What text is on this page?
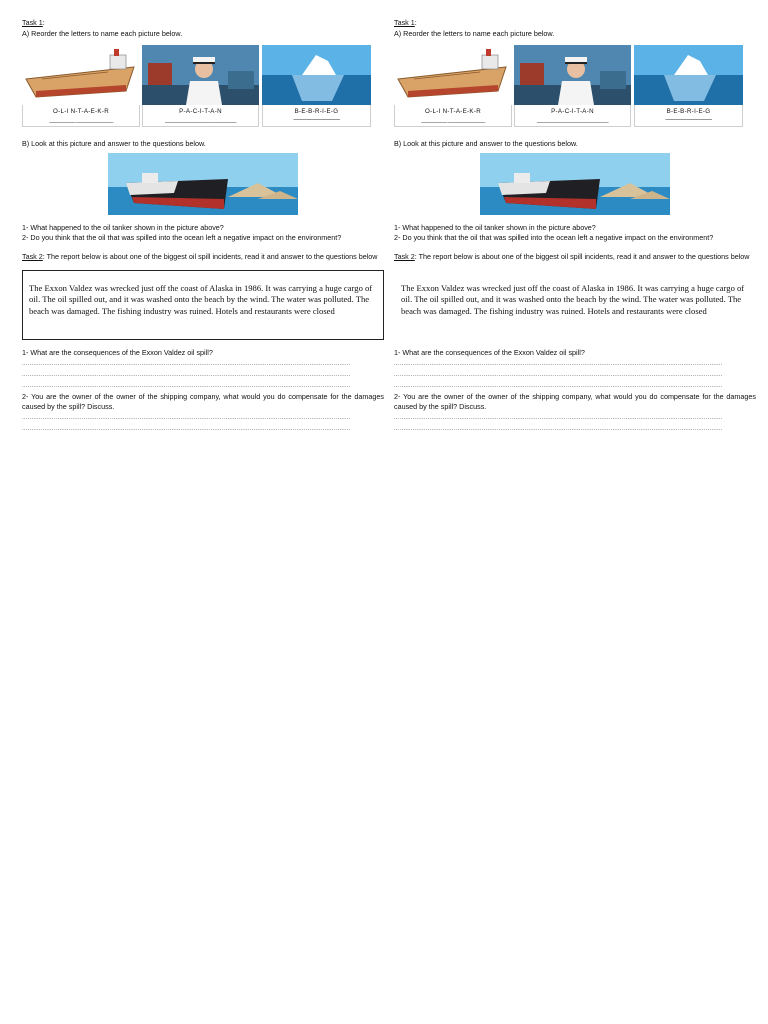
Task 1:

A) Reorder the letters to name each picture below.

O-L-I N-T-A-E-K-R
_________ _____________
P-A-C-I-T-A-N
_________________________
B-E-B-R-I-E-G
-------------------------------

B) Look at this picture and answer to the questions below.

1- What happened to the oil tanker shown in the picture above?

2- Do you think that the oil that was spilled into the ocean left a negative impact on the environment?

Task 2: The report below is about one of the biggest oil spill incidents, read it and answer to the questions below

The Exxon Valdez was wrecked just off the coast of Alaska in 1986. It was carrying a huge cargo of oil. The oil spilled out, and it was washed onto the beach by the wind. The water was polluted. The beach was damaged. The fishing industry was ruined. Hotels and restaurants were closed

1- What are the consequences of the Exxon Valdez oil spill?

................................................................................................................................................................................
................................................................................................................................................................................
................................................................................................................................................................................

2- You are the owner of the owner of the shipping company, what would you do compensate for the damages caused by the spill? Discuss.

................................................................................................................................................................................
................................................................................................................................................................................

Task 1:

A) Reorder the letters to name each picture below.

O-L-I N-T-A-E-K-R
_________ _____________
P-A-C-I-T-A-N
_________________________
B-E-B-R-I-E-G
-------------------------------

B) Look at this picture and answer to the questions below.

1- What happened to the oil tanker shown in the picture above?

2- Do you think that the oil that was spilled into the ocean left a negative impact on the environment?

Task 2: The report below is about one of the biggest oil spill incidents, read it and answer to the questions below

The Exxon Valdez was wrecked just off the coast of Alaska in 1986. It was carrying a huge cargo of oil. The oil spilled out, and it was washed onto the beach by the wind. The water was polluted. The beach was damaged. The fishing industry was ruined. Hotels and restaurants were closed

1- What are the consequences of the Exxon Valdez oil spill?

................................................................................................................................................................................
................................................................................................................................................................................
................................................................................................................................................................................

2- You are the owner of the owner of the shipping company, what would you do compensate for the damages caused by the spill? Discuss.

................................................................................................................................................................................
................................................................................................................................................................................
